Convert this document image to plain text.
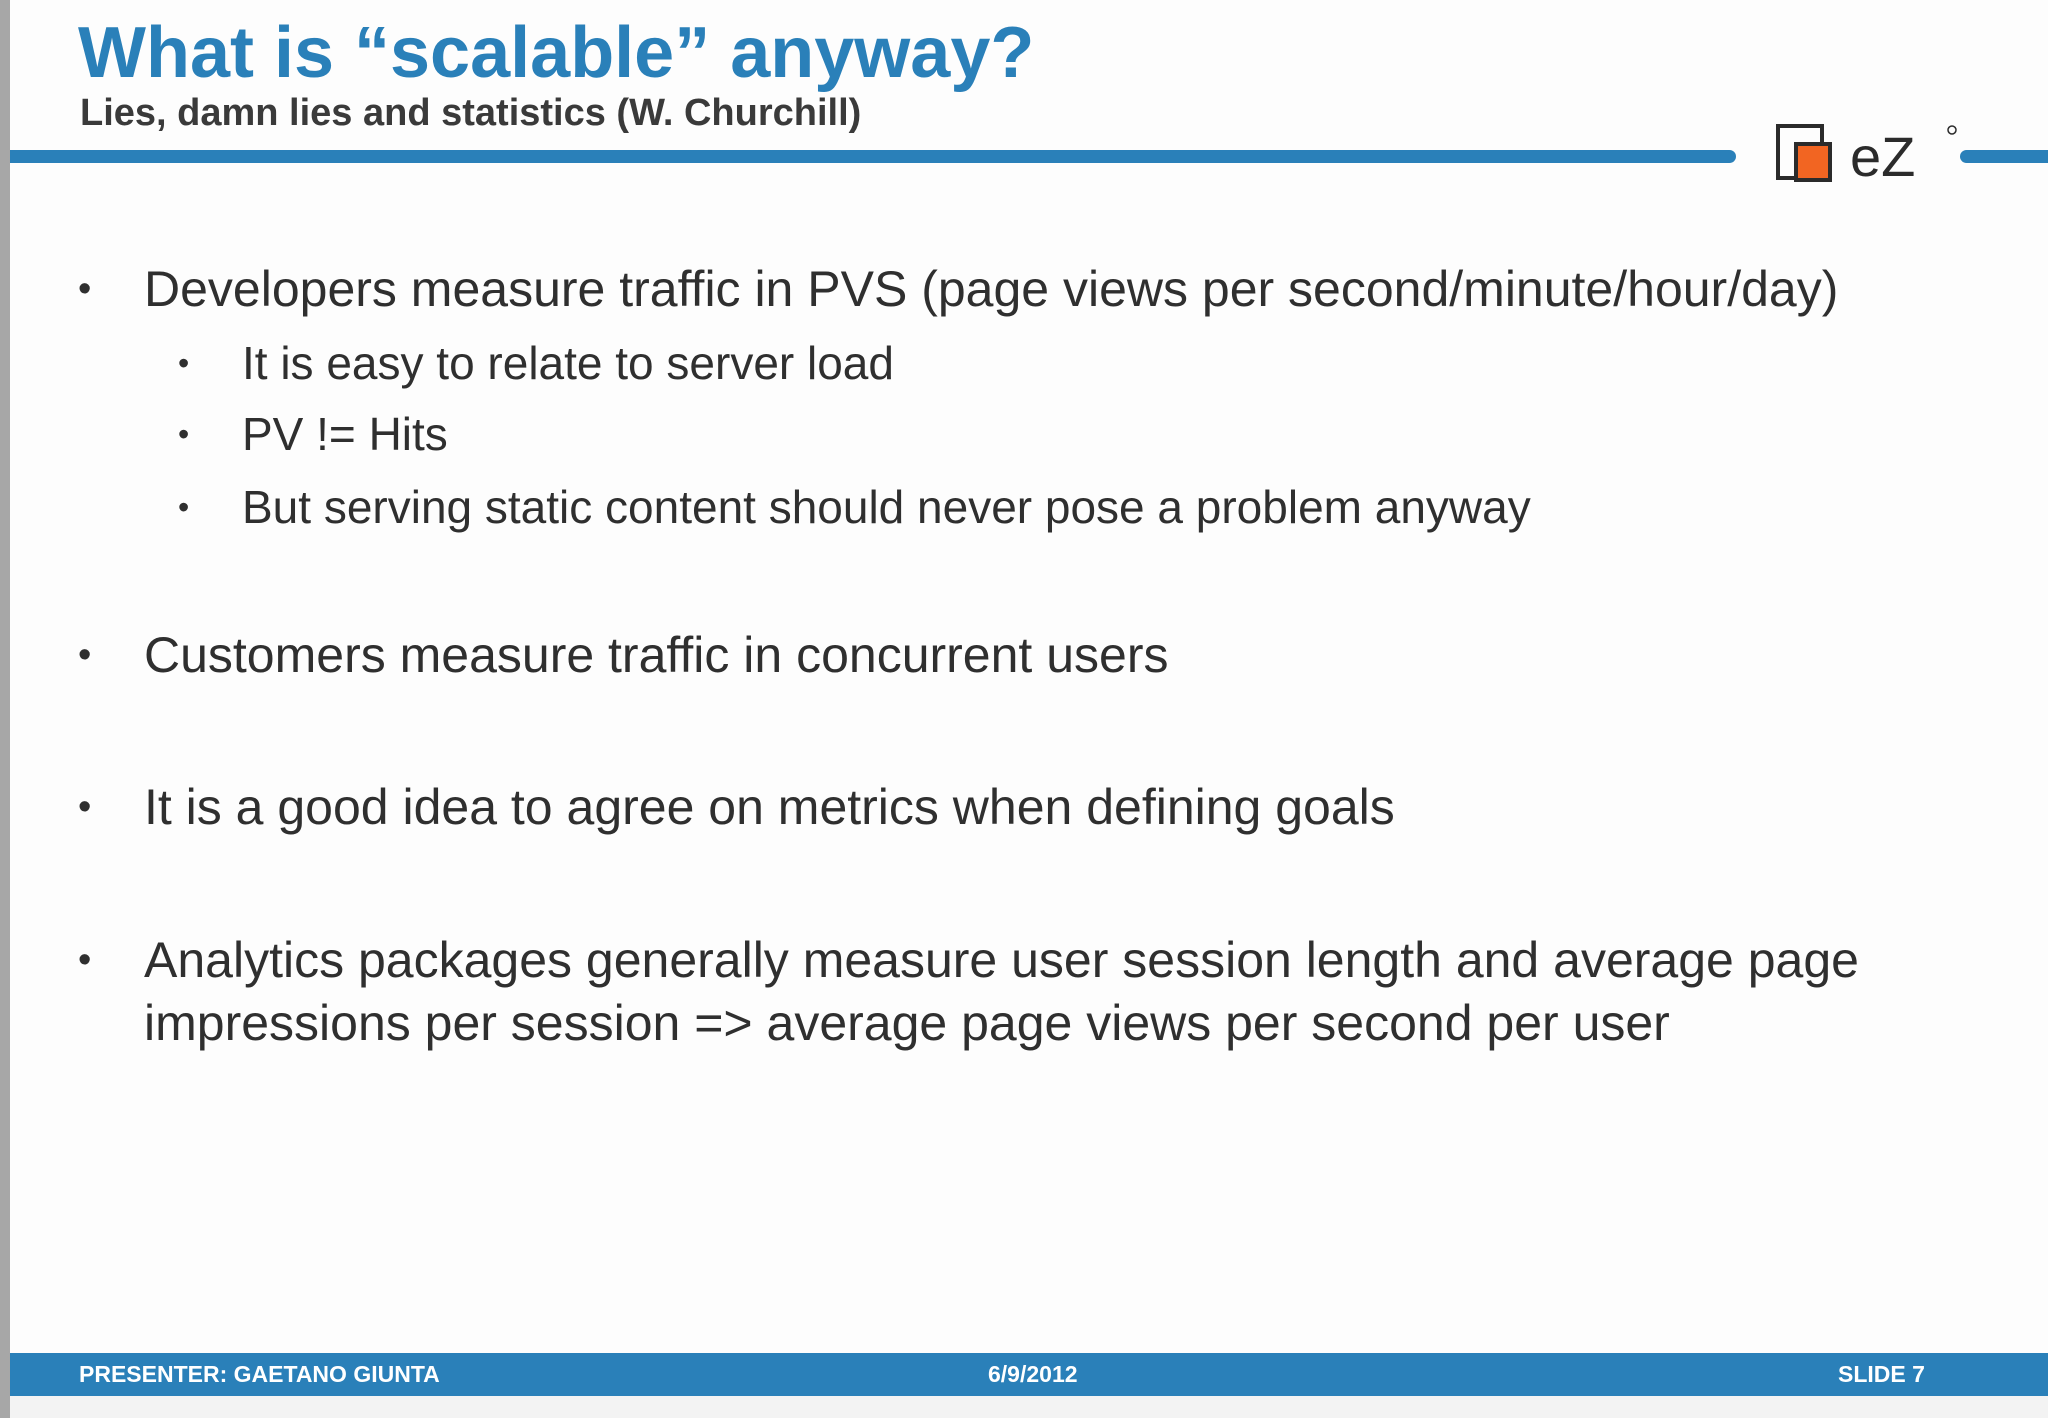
What is “scalable” anyway?
Lies, damn lies and statistics (W. Churchill)
eZ
• Developers measure traffic in PVS (page views per second/minute/hour/day)
• It is easy to relate to server load
• PV != Hits
• But serving static content should never pose a problem anyway
• Customers measure traffic in concurrent users
• It is a good idea to agree on metrics when defining goals
• Analytics packages generally measure user session length and average page
impressions per session => average page views per second per user
PRESENTER: GAETANO GIUNTA	6/9/2012	SLIDE 7
